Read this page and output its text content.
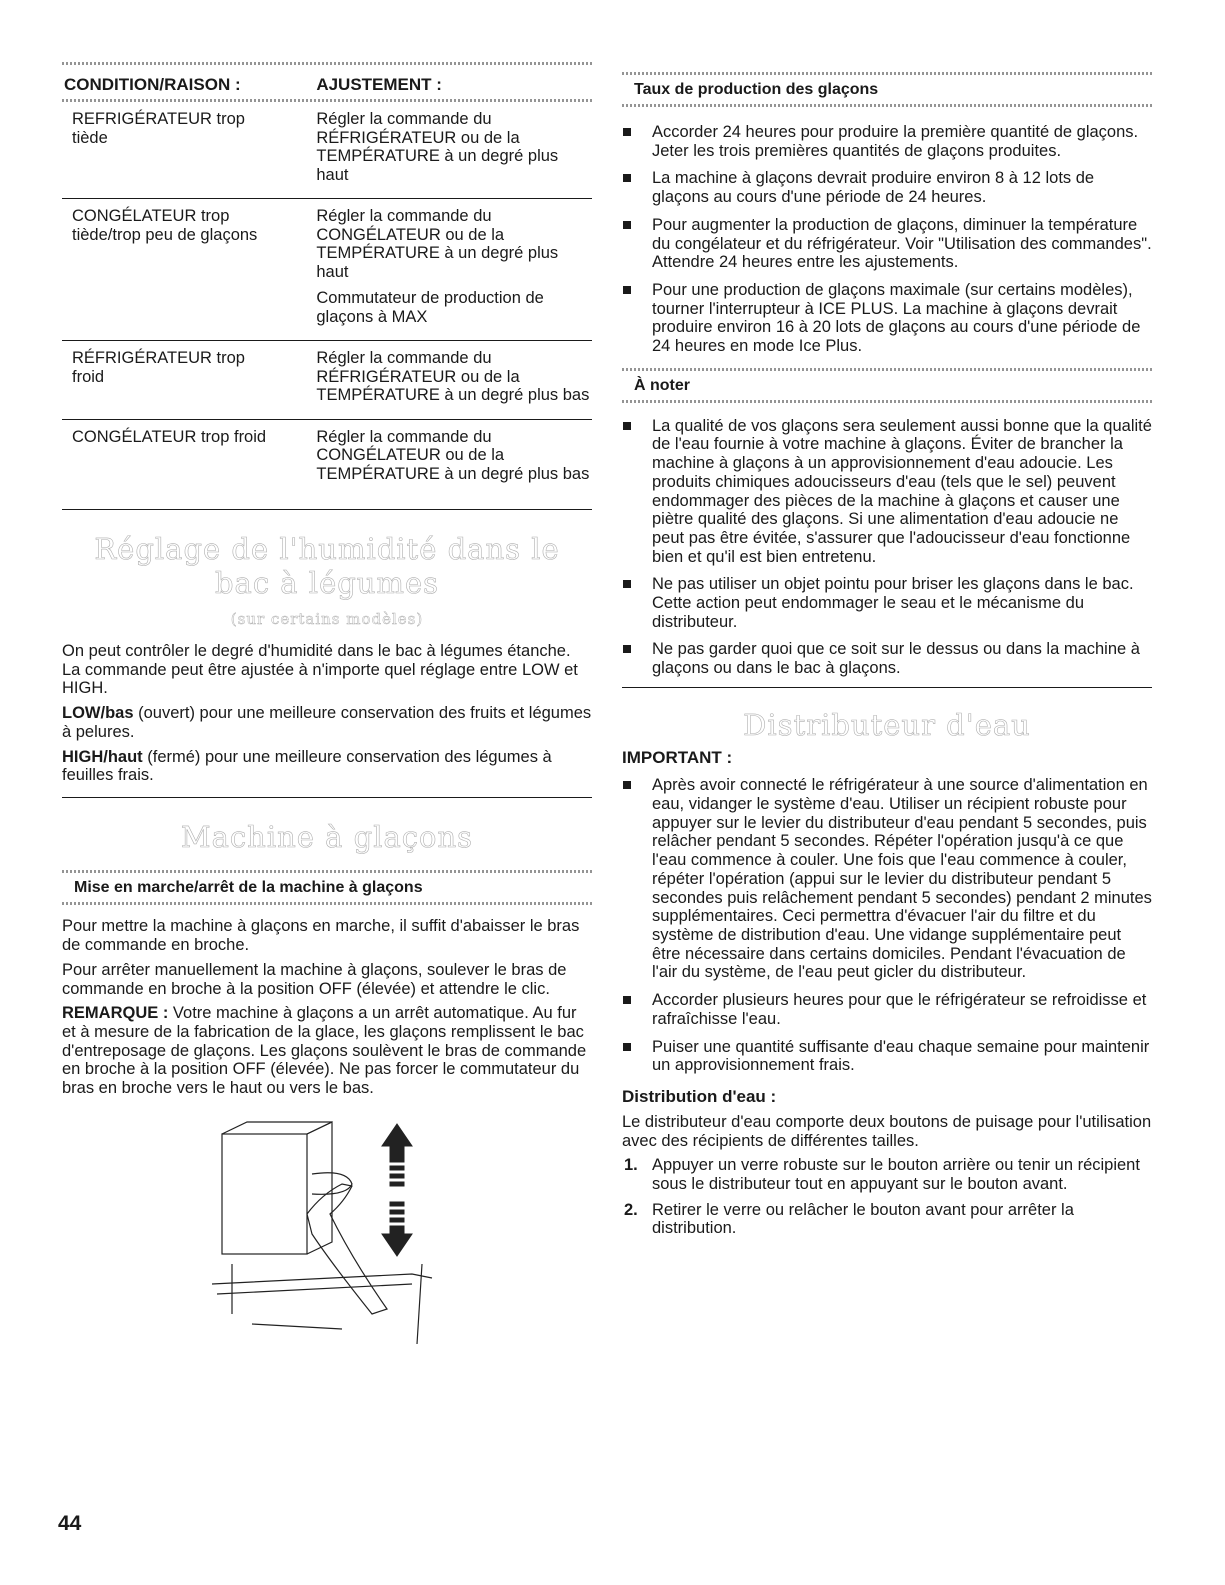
CONDITION/RAISON :	AJUSTEMENT :
REFRIGÉRATEUR trop
tiède

Régler la commande du RÉFRIGÉRATEUR ou de la TEMPÉRATURE à un degré plus haut

CONGÉLATEUR trop
tiède/trop peu de glaçons

Régler la commande du CONGÉLATEUR ou de la TEMPÉRATURE à un degré plus haut

Commutateur de production de glaçons à MAX

RÉFRIGÉRATEUR trop
froid

Régler la commande du RÉFRIGÉRATEUR ou de la TEMPÉRATURE à un degré plus bas

CONGÉLATEUR trop froid	Régler la commande du CONGÉLATEUR ou de la TEMPÉRATURE à un degré plus bas

Réglage de l'humidité dans le bac à légumes
(sur certains modèles)

On peut contrôler le degré d'humidité dans le bac à légumes étanche. La commande peut être ajustée à n'importe quel réglage entre LOW et HIGH.

LOW/bas (ouvert) pour une meilleure conservation des fruits et légumes à pelures.

HIGH/haut (fermé) pour une meilleure conservation des légumes à feuilles frais.

Machine à glaçons
Mise en marche/arrêt de la machine à glaçons

Pour mettre la machine à glaçons en marche, il suffit d'abaisser le bras de commande en broche.

Pour arrêter manuellement la machine à glaçons, soulever le bras de commande en broche à la position OFF (élevée) et attendre le clic.

REMARQUE : Votre machine à glaçons a un arrêt automatique. Au fur et à mesure de la fabrication de la glace, les glaçons remplissent le bac d'entreposage de glaçons. Les glaçons soulèvent le bras de commande en broche à la position OFF (élevée). Ne pas forcer le commutateur du bras en broche vers le haut ou vers le bas.

Taux de production des glaçons
Accorder 24 heures pour produire la première quantité de glaçons. Jeter les trois premières quantités de glaçons produites.
La machine à glaçons devrait produire environ 8 à 12 lots de glaçons au cours d'une période de 24 heures.
Pour augmenter la production de glaçons, diminuer la température du congélateur et du réfrigérateur. Voir "Utilisation des commandes". Attendre 24 heures entre les ajustements.
Pour une production de glaçons maximale (sur certains modèles), tourner l'interrupteur à ICE PLUS. La machine à glaçons devrait produire environ 16 à 20 lots de glaçons au cours d'une période de 24 heures en mode Ice Plus.
À noter
La qualité de vos glaçons sera seulement aussi bonne que la qualité de l'eau fournie à votre machine à glaçons. Éviter de brancher la machine à glaçons à un approvisionnement d'eau adoucie. Les produits chimiques adoucisseurs d'eau (tels que le sel) peuvent endommager des pièces de la machine à glaçons et causer une piètre qualité des glaçons. Si une alimentation d'eau adoucie ne peut pas être évitée, s'assurer que l'adoucisseur d'eau fonctionne bien et qu'il est bien entretenu.
Ne pas utiliser un objet pointu pour briser les glaçons dans le bac. Cette action peut endommager le seau et le mécanisme du distributeur.
Ne pas garder quoi que ce soit sur le dessus ou dans la machine à glaçons ou dans le bac à glaçons.
Distributeur d'eau
IMPORTANT :
Après avoir connecté le réfrigérateur à une source d'alimentation en eau, vidanger le système d'eau. Utiliser un récipient robuste pour appuyer sur le levier du distributeur d'eau pendant 5 secondes, puis relâcher pendant 5 secondes. Répéter l'opération jusqu'à ce que l'eau commence à couler. Une fois que l'eau commence à couler, répéter l'opération (appui sur le levier du distributeur pendant 5 secondes puis relâchement pendant 5 secondes) pendant 2 minutes supplémentaires. Ceci permettra d'évacuer l'air du filtre et du système de distribution d'eau. Une vidange supplémentaire peut être nécessaire dans certains domiciles. Pendant l'évacuation de l'air du système, de l'eau peut gicler du distributeur.
Accorder plusieurs heures pour que le réfrigérateur se refroidisse et rafraîchisse l'eau.
Puiser une quantité suffisante d'eau chaque semaine pour maintenir un approvisionnement frais.
Distribution d'eau :
Le distributeur d'eau comporte deux boutons de puisage pour l'utilisation avec des récipients de différentes tailles.
1. Appuyer un verre robuste sur le bouton arrière ou tenir un récipient sous le distributeur tout en appuyant sur le bouton avant.
2. Retirer le verre ou relâcher le bouton avant pour arrêter la distribution.
44
